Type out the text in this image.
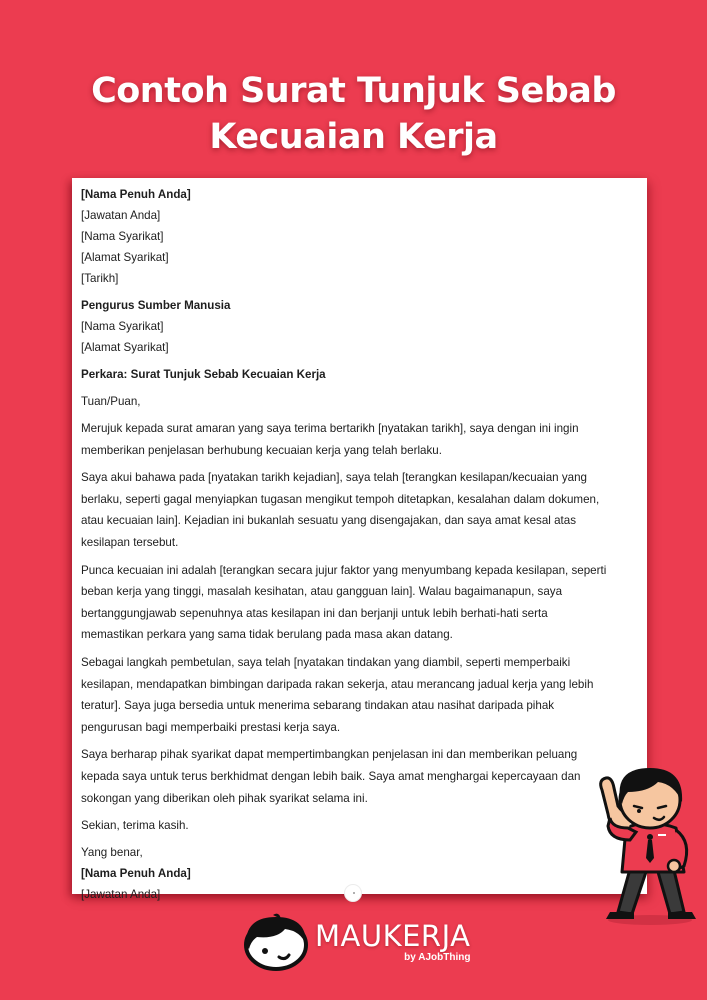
Contoh Surat Tunjuk Sebab
Kecuaian Kerja
[Nama Penuh Anda]
[Jawatan Anda]
[Nama Syarikat]
[Alamat Syarikat]
[Tarikh]
Pengurus Sumber Manusia
[Nama Syarikat]
[Alamat Syarikat]
Perkara: Surat Tunjuk Sebab Kecuaian Kerja
Tuan/Puan,

Merujuk kepada surat amaran yang saya terima bertarikh [nyatakan tarikh], saya dengan ini ingin

memberikan penjelasan berhubung kecuaian kerja yang telah berlaku.

Saya akui bahawa pada [nyatakan tarikh kejadian], saya telah [terangkan kesilapan/kecuaian yang

berlaku, seperti gagal menyiapkan tugasan mengikut tempoh ditetapkan, kesalahan dalam dokumen,

atau kecuaian lain]. Kejadian ini bukanlah sesuatu yang disengajakan, dan saya amat kesal atas

kesilapan tersebut.

Punca kecuaian ini adalah [terangkan secara jujur faktor yang menyumbang kepada kesilapan, seperti

beban kerja yang tinggi, masalah kesihatan, atau gangguan lain]. Walau bagaimanapun, saya

bertanggungjawab sepenuhnya atas kesilapan ini dan berjanji untuk lebih berhati-hati serta

memastikan perkara yang sama tidak berulang pada masa akan datang.

Sebagai langkah pembetulan, saya telah [nyatakan tindakan yang diambil, seperti memperbaiki

kesilapan, mendapatkan bimbingan daripada rakan sekerja, atau merancang jadual kerja yang lebih

teratur]. Saya juga bersedia untuk menerima sebarang tindakan atau nasihat daripada pihak

pengurusan bagi memperbaiki prestasi kerja saya.

Saya berharap pihak syarikat dapat mempertimbangkan penjelasan ini dan memberikan peluang

kepada saya untuk terus berkhidmat dengan lebih baik. Saya amat menghargai kepercayaan dan

sokongan yang diberikan oleh pihak syarikat selama ini.

Sekian, terima kasih.
Yang benar,
[Nama Penuh Anda]
[Jawatan Anda]
MAUKERJA
by AJobThing
